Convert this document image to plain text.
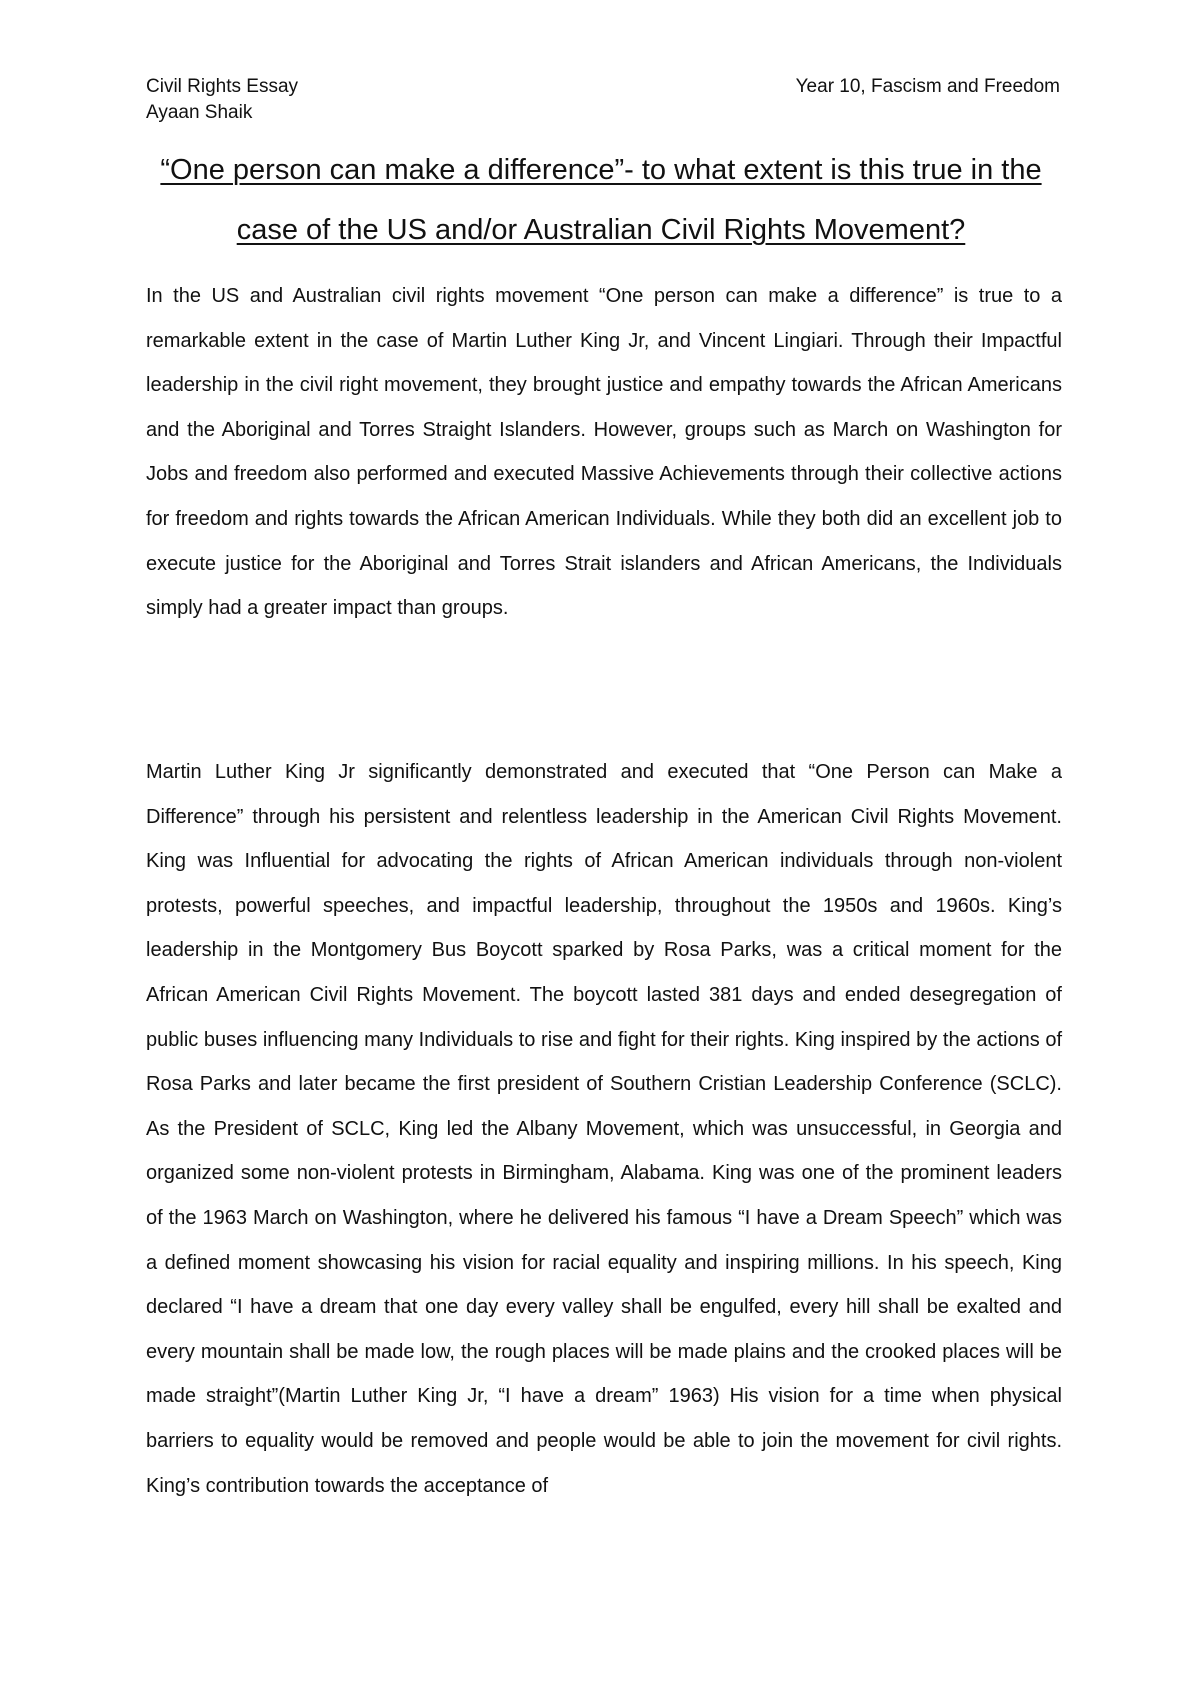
Civil Rights Essay
Ayaan Shaik
Year 10, Fascism and Freedom
“One person can make a difference”- to what extent is this true in the case of the US and/or Australian Civil Rights Movement?

In the US and Australian civil rights movement “One person can make a difference” is true to a remarkable extent in the case of Martin Luther King Jr, and Vincent Lingiari. Through their Impactful leadership in the civil right movement, they brought justice and empathy towards the African Americans and the Aboriginal and Torres Straight Islanders. However, groups such as March on Washington for Jobs and freedom also performed and executed Massive Achievements through their collective actions for freedom and rights towards the African American Individuals. While they both did an excellent job to execute justice for the Aboriginal and Torres Strait islanders and African Americans, the Individuals simply had a greater impact than groups.

Martin Luther King Jr significantly demonstrated and executed that “One Person can Make a Difference” through his persistent and relentless leadership in the American Civil Rights Movement. King was Influential for advocating the rights of African American individuals through non-violent protests, powerful speeches, and impactful leadership, throughout the 1950s and 1960s. King’s leadership in the Montgomery Bus Boycott sparked by Rosa Parks, was a critical moment for the African American Civil Rights Movement. The boycott lasted 381 days and ended desegregation of public buses influencing many Individuals to rise and fight for their rights. King inspired by the actions of Rosa Parks and later became the first president of Southern Cristian Leadership Conference (SCLC). As the President of SCLC, King led the Albany Movement, which was unsuccessful, in Georgia and organized some non-violent protests in Birmingham, Alabama. King was one of the prominent leaders of the 1963 March on Washington, where he delivered his famous “I have a Dream Speech” which was a defined moment showcasing his vision for racial equality and inspiring millions. In his speech, King declared “I have a dream that one day every valley shall be engulfed, every hill shall be exalted and every mountain shall be made low, the rough places will be made plains and the crooked places will be made straight”(Martin Luther King Jr, “I have a dream” 1963) His vision for a time when physical barriers to equality would be removed and people would be able to join the movement for civil rights. King’s contribution towards the acceptance of
